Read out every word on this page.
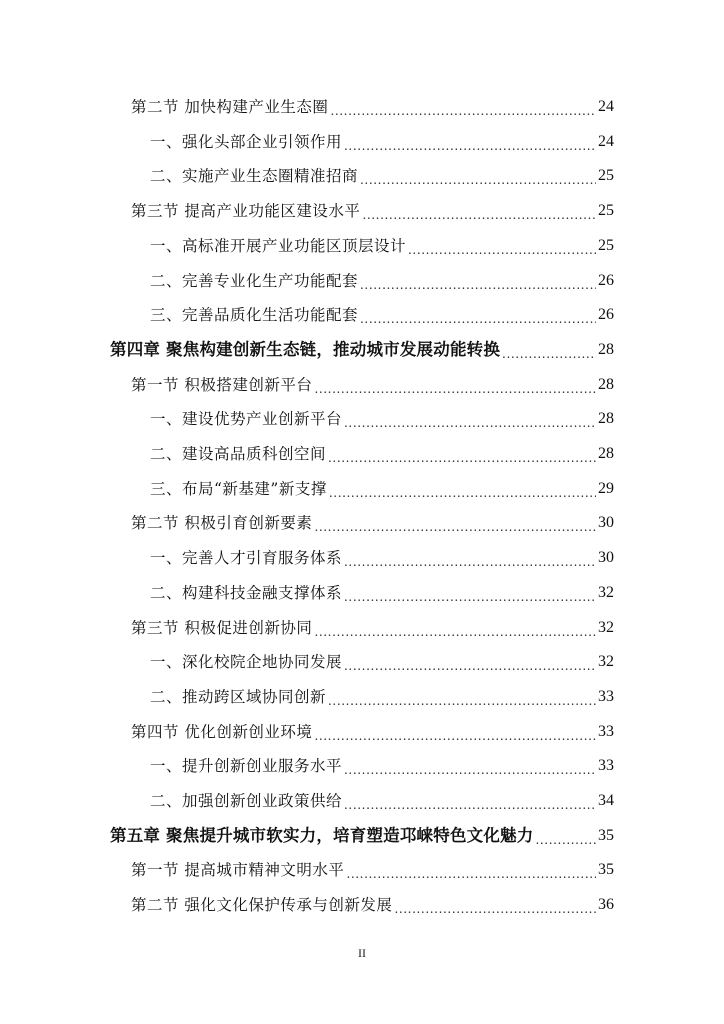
第二节 加快构建产业生态圈 .....	24
一、强化头部企业引领作用 .....	24
二、实施产业生态圈精准招商 .....	25
第三节 提高产业功能区建设水平 .....	25
一、高标准开展产业功能区顶层设计 .....	25
二、完善专业化生产功能配套 .....	26
三、完善品质化生活功能配套 .....	26
第四章 聚焦构建创新生态链，推动城市发展动能转换 .....	28
第一节 积极搭建创新平台 .....	28
一、建设优势产业创新平台 .....	28
二、建设高品质科创空间 .....	28
三、布局“新基建”新支撑 .....	29
第二节 积极引育创新要素 .....	30
一、完善人才引育服务体系 .....	30
二、构建科技金融支撑体系 .....	32
第三节 积极促进创新协同 .....	32
一、深化校院企地协同发展 .....	32
二、推动跨区域协同创新 .....	33
第四节 优化创新创业环境 .....	33
一、提升创新创业服务水平 .....	33
二、加强创新创业政策供给 .....	34
第五章 聚焦提升城市软实力，培育塑造邛崃特色文化魅力 .....	35
第一节 提高城市精神文明水平 .....	35
第二节 强化文化保护传承与创新发展 .....	36
II
